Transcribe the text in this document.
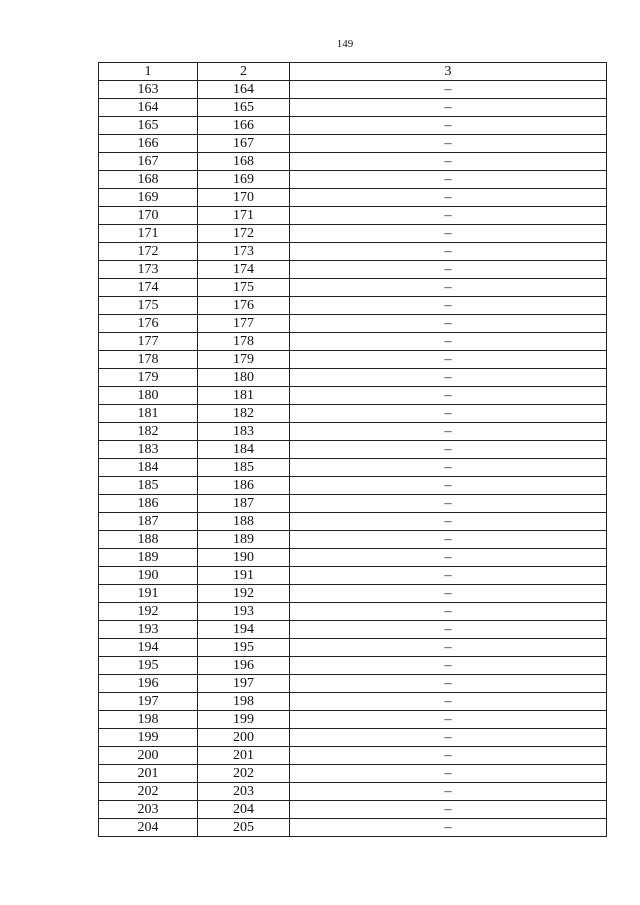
149
1	2	3
163	164	–
164	165	–
165	166	–
166	167	–
167	168	–
168	169	–
169	170	–
170	171	–
171	172	–
172	173	–
173	174	–
174	175	–
175	176	–
176	177	–
177	178	–
178	179	–
179	180	–
180	181	–
181	182	–
182	183	–
183	184	–
184	185	–
185	186	–
186	187	–
187	188	–
188	189	–
189	190	–
190	191	–
191	192	–
192	193	–
193	194	–
194	195	–
195	196	–
196	197	–
197	198	–
198	199	–
199	200	–
200	201	–
201	202	–
202	203	–
203	204	–
204	205	–
